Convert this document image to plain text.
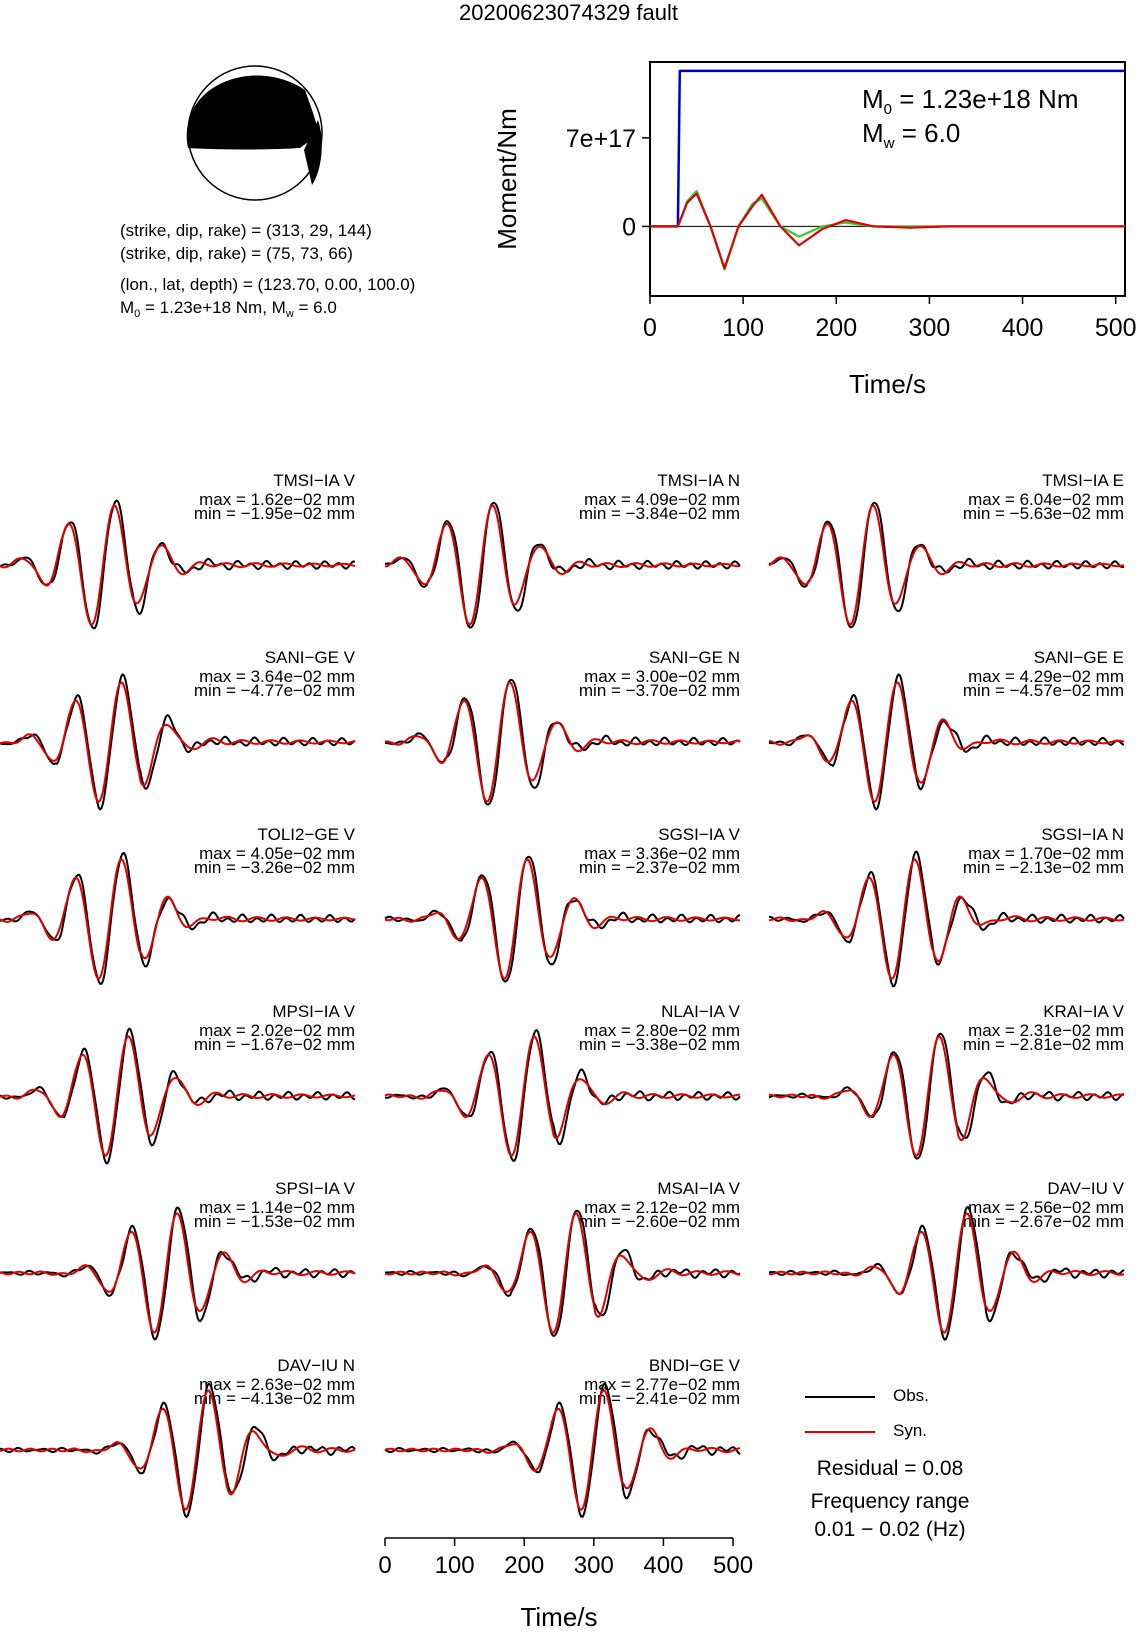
20200623074329 fault
(strike, dip, rake) = (313, 29, 144)
(strike, dip, rake) = (75, 73, 66)
(lon., lat, depth) = (123.70, 0.00, 100.0)
$M_0 = 1.23e+18$ Nm, $M_w = 6.0$
0	100 200 300 400 500
0
7e+17
Time/s
Moment/Nm
TMSI−IA V
max = 1.62e−02 mm
min = −1.95e−02 mm
TMSI−IA N
max = 4.09e−02 mm
min = −3.84e−02 mm
TMSI−IA E
max = 6.04e−02 mm
min = −5.63e−02 mm
SANI−GE V
max = 3.64e−02 mm
min = −4.77e−02 mm
SANI−GE N
max = 3.00e−02 mm
min = −3.70e−02 mm
SANI−GE E
max = 4.29e−02 mm
min = −4.57e−02 mm
TOLI2−GE V
max = 4.05e−02 mm
min = −3.26e−02 mm
SGSI−IA V
max = 3.36e−02 mm
min = −2.37e−02 mm
SGSI−IA N
max = 1.70e−02 mm
min = −2.13e−02 mm
MPSI−IA V
max = 2.02e−02 mm
min = −1.67e−02 mm
NLAI−IA V
max = 2.80e−02 mm
min = −3.38e−02 mm
KRAI−IA V
max = 2.31e−02 mm
min = −2.81e−02 mm
SPSI−IA V
max = 1.14e−02 mm
min = −1.53e−02 mm
MSAI−IA V
max = 2.12e−02 mm
min = −2.60e−02 mm
DAV−IU V
max = 2.56e−02 mm
min = −2.67e−02 mm
DAV−IU N
max = 2.63e−02 mm
min = −4.13e−02 mm
BNDI−GE V
max = 2.77e−02 mm
min = −2.41e−02 mm
0 100 200 300 400 500
Time/s
Obs.
Syn.
Residual = 0.08
Frequency range
0.01 − 0.02 (Hz)
$M_0 = 1.23e+18$ Nm
$M_w = 6.0$
